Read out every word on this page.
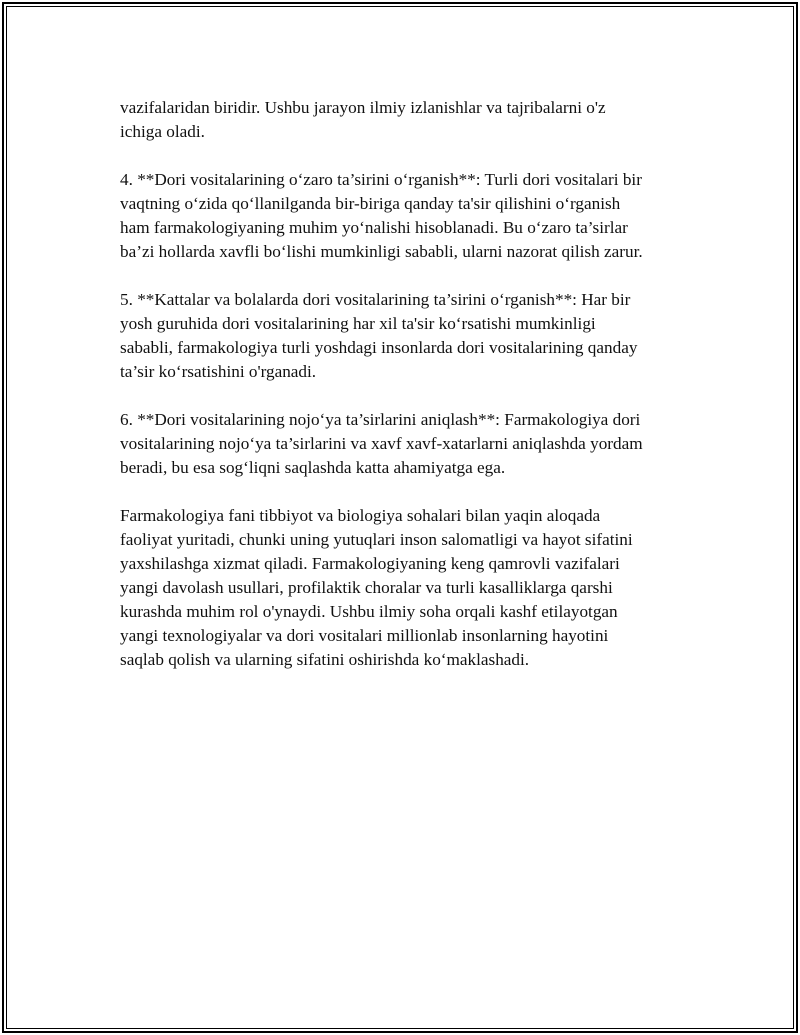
vazifalaridan biridir. Ushbu jarayon ilmiy izlanishlar va tajribalarni o'z
ichiga oladi.

4. **Dori vositalarining o‘zaro ta’sirini o‘rganish**: Turli dori vositalari bir
vaqtning o‘zida qo‘llanilganda bir-biriga qanday ta'sir qilishini o‘rganish
ham farmakologiyaning muhim yo‘nalishi hisoblanadi. Bu o‘zaro ta’sirlar
ba’zi hollarda xavfli bo‘lishi mumkinligi sababli, ularni nazorat qilish zarur.

5. **Kattalar va bolalarda dori vositalarining ta’sirini o‘rganish**: Har bir
yosh guruhida dori vositalarining har xil ta'sir ko‘rsatishi mumkinligi
sababli, farmakologiya turli yoshdagi insonlarda dori vositalarining qanday
ta’sir ko‘rsatishini o'rganadi.

6. **Dori vositalarining nojo‘ya ta’sirlarini aniqlash**: Farmakologiya dori
vositalarining nojo‘ya ta’sirlarini va xavf xavf-xatarlarni aniqlashda yordam
beradi, bu esa sog‘liqni saqlashda katta ahamiyatga ega.

Farmakologiya fani tibbiyot va biologiya sohalari bilan yaqin aloqada
faoliyat yuritadi, chunki uning yutuqlari inson salomatligi va hayot sifatini
yaxshilashga xizmat qiladi. Farmakologiyaning keng qamrovli vazifalari
yangi davolash usullari, profilaktik choralar va turli kasalliklarga qarshi
kurashda muhim rol o'ynaydi. Ushbu ilmiy soha orqali kashf etilayotgan
yangi texnologiyalar va dori vositalari millionlab insonlarning hayotini
saqlab qolish va ularning sifatini oshirishda ko‘maklashadi.
